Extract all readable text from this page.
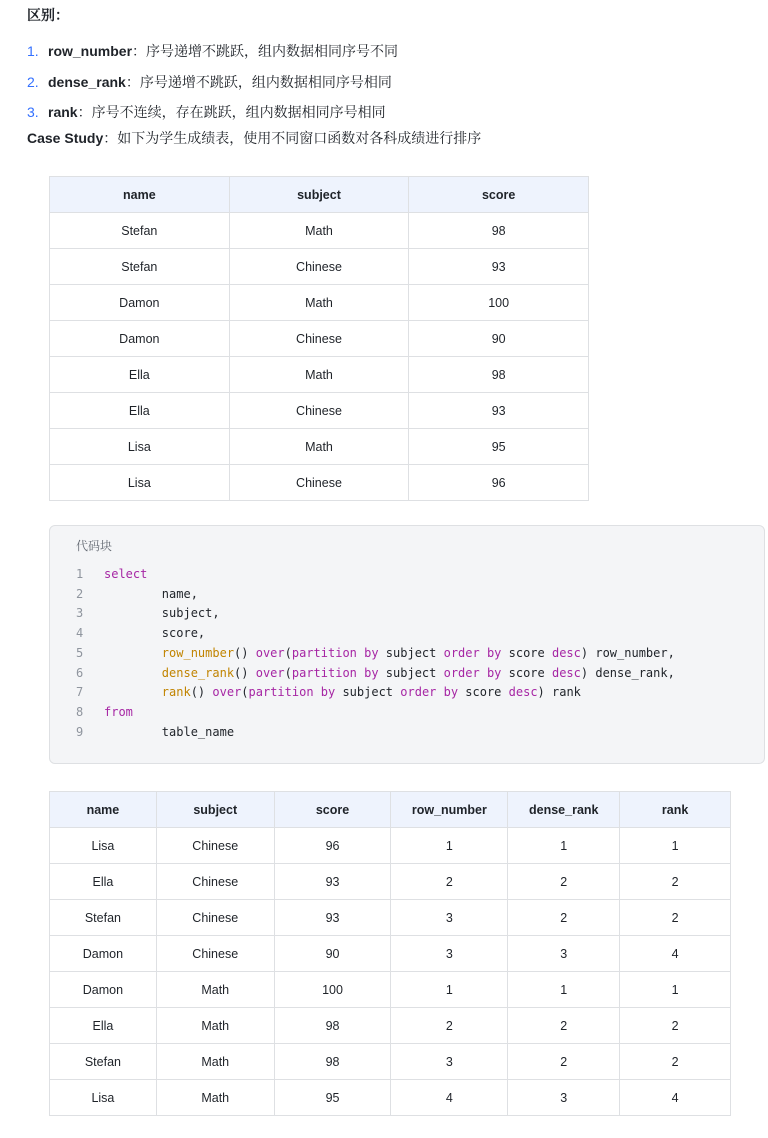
区别：
1. row_number ：序号递增不跳跃，组内数据相同序号不同
2. dense_rank ：序号递增不跳跃，组内数据相同序号相同
3. rank ：序号不连续，存在跳跃，组内数据相同序号相同
Case Study：如下为学生成绩表，使用不同窗口函数对各科成绩进行排序
name	subject	score
Stefan	Math	98
Stefan	Chinese	93
Damon	Math	100
Damon	Chinese	90
Ella	Math	98
Ella	Chinese	93
Lisa	Math	95
Lisa	Chinese	96
代码块
1	select
2	name,
3	subject,
4	score,
5	row_number() over(partition by subject order by score desc) row_number,
6	dense_rank() over(partition by subject order by score desc) dense_rank,
7	rank() over(partition by subject order by score desc) rank
8	from
9	table_name
name	subject	score	row_number	dense_rank	rank
Lisa	Chinese	96	1	1	1
Ella	Chinese	93	2	2	2
Stefan	Chinese	93	3	2	2
Damon	Chinese	90	3	3	4
Damon	Math	100	1	1	1
Ella	Math	98	2	2	2
Stefan	Math	98	3	2	2
Lisa	Math	95	4	3	4
